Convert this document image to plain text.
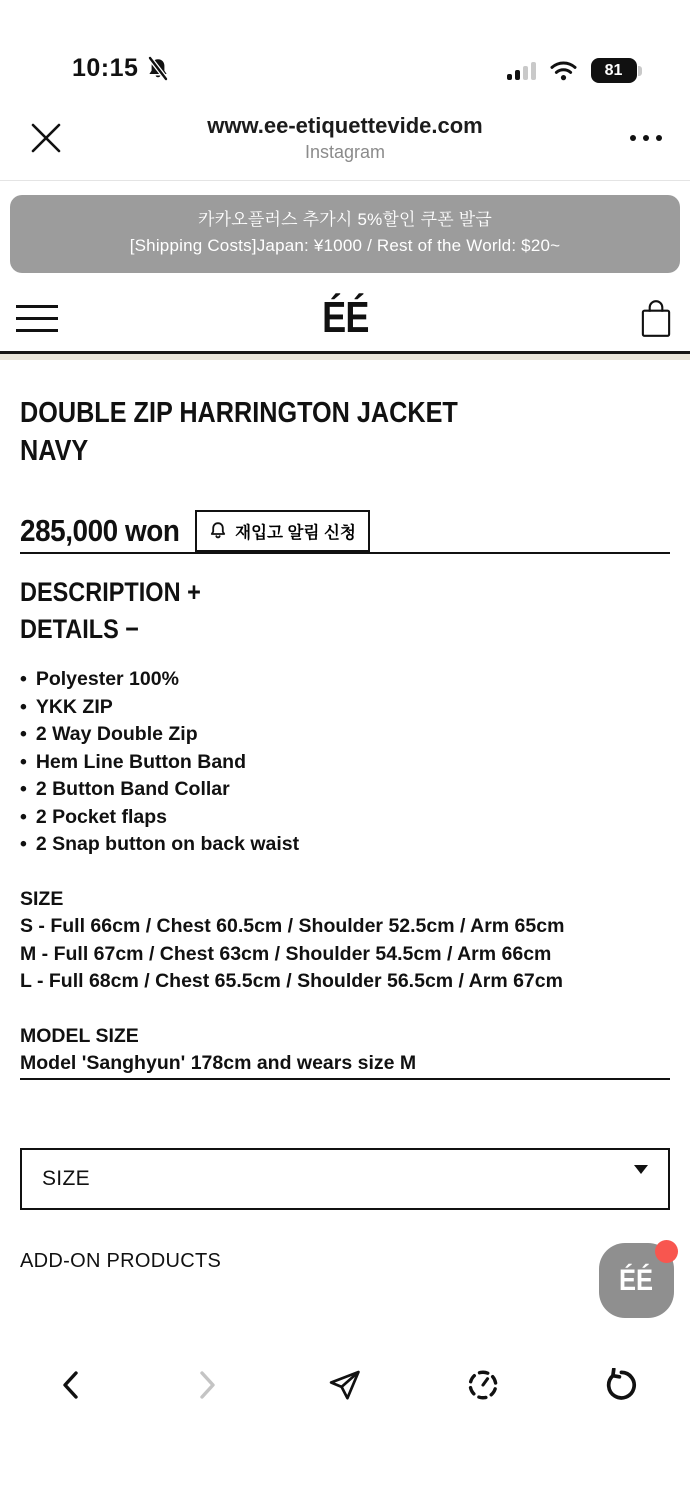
10:15	81
www.ee-etiquettevide.com
Instagram
카카오플러스 추가시 5%할인 쿠폰 발급
[Shipping Costs]Japan: ¥1000 / Rest of the World: $20~
ÉÉ
DOUBLE ZIP HARRINGTON JACKET
NAVY
285,000 won	재입고 알림 신청
DESCRIPTION +
DETAILS −
• Polyester 100%
• YKK ZIP
• 2 Way Double Zip
• Hem Line Button Band
• 2 Button Band Collar
• 2 Pocket flaps
• 2 Snap button on back waist
SIZE
S - Full 66cm / Chest 60.5cm / Shoulder 52.5cm / Arm 65cm
M - Full 67cm / Chest 63cm / Shoulder 54.5cm / Arm 66cm
L - Full 68cm / Chest 65.5cm / Shoulder 56.5cm / Arm 67cm
MODEL SIZE
Model 'Sanghyun' 178cm and wears size M
SIZE
ADD-ON PRODUCTS
ÉÉ
